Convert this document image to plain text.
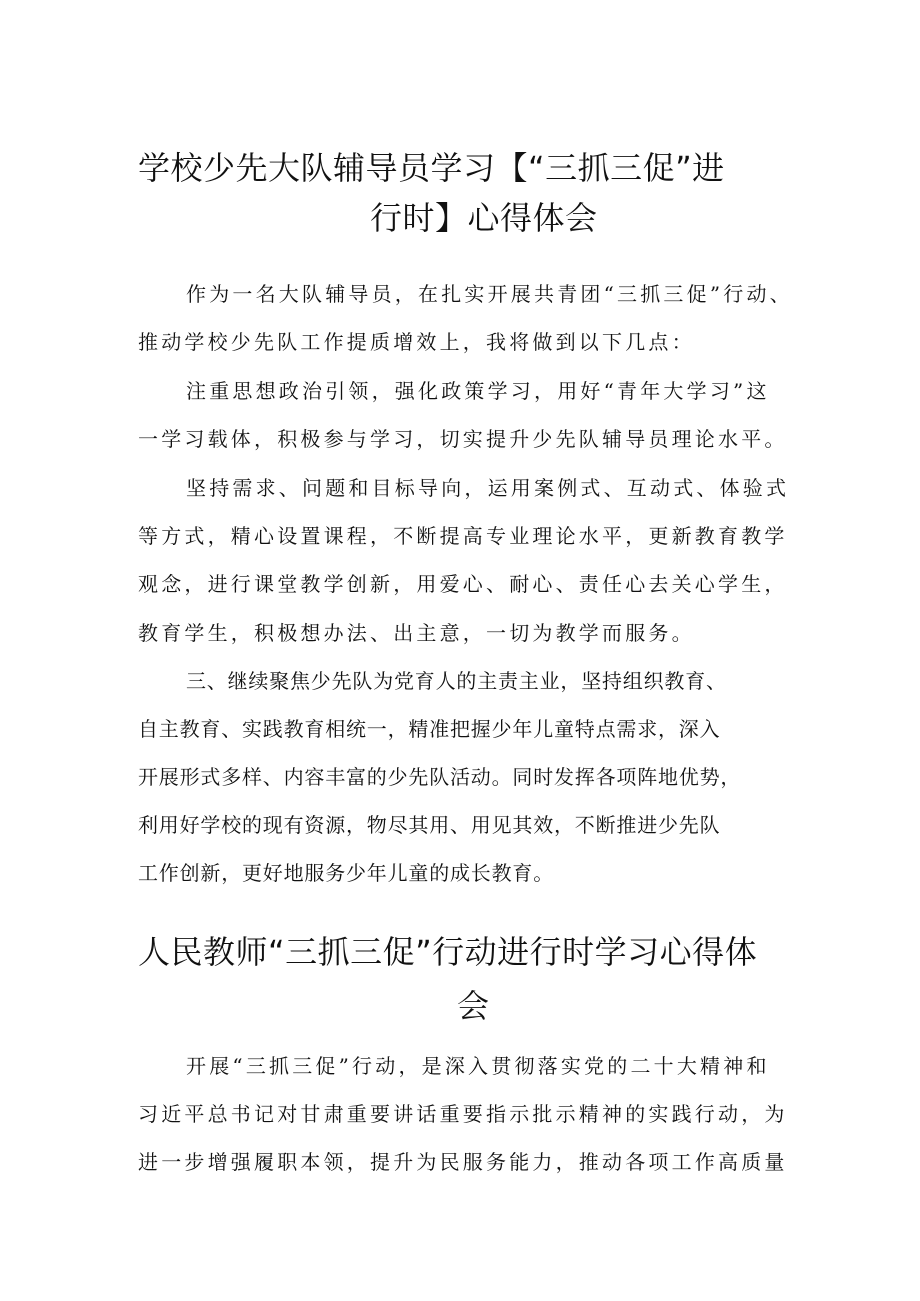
学校少先大队辅导员学习【“三抓三促”进
行时】心得体会

作为一名大队辅导员，在扎实开展共青团“三抓三促”行动、

推动学校少先队工作提质增效上，我将做到以下几点：

注重思想政治引领，强化政策学习，用好“青年大学习”这

一学习载体，积极参与学习，切实提升少先队辅导员理论水平。

坚持需求、问题和目标导向，运用案例式、互动式、体验式

等方式，精心设置课程，不断提高专业理论水平，更新教育教学

观念，进行课堂教学创新，用爱心、耐心、责任心去关心学生，

教育学生，积极想办法、出主意，一切为教学而服务。

三、继续聚焦少先队为党育人的主责主业，坚持组织教育、

自主教育、实践教育相统一，精准把握少年儿童特点需求，深入

开展形式多样、内容丰富的少先队活动。同时发挥各项阵地优势，

利用好学校的现有资源，物尽其用、用见其效，不断推进少先队

工作创新，更好地服务少年儿童的成长教育。

人民教师“三抓三促”行动进行时学习心得体
会

开展“三抓三促”行动，是深入贯彻落实党的二十大精神和

习近平总书记对甘肃重要讲话重要指示批示精神的实践行动，为

进一步增强履职本领，提升为民服务能力，推动各项工作高质量
